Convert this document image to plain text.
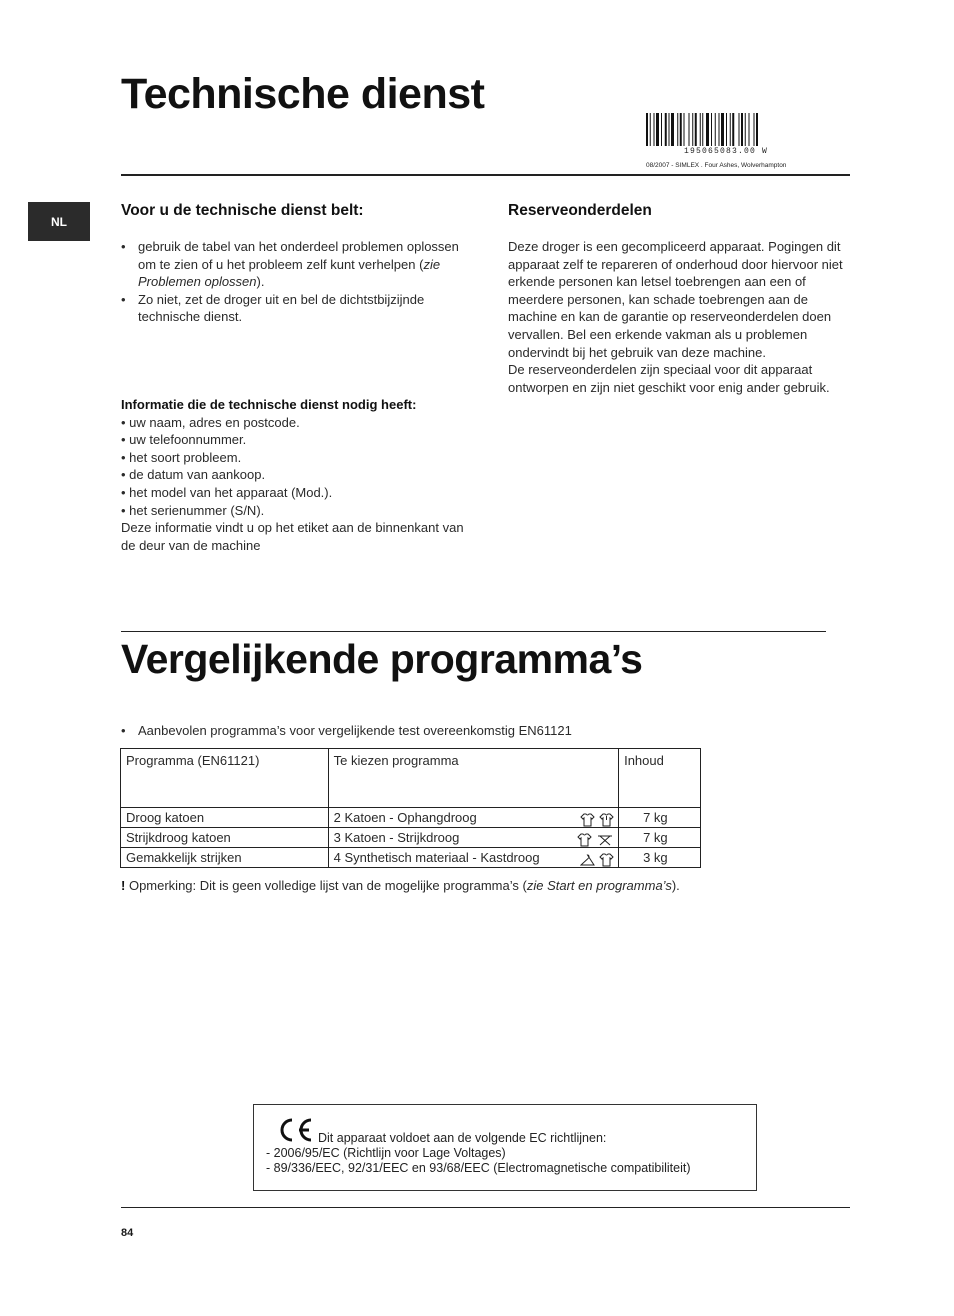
Technische dienst
195065083.00 W
08/2007 - SIMLEX . Four Ashes, Wolverhampton
NL
Voor u de technische dienst belt:
• gebruik de tabel van het onderdeel problemen oplossen om te zien of u het probleem zelf kunt verhelpen (zie Problemen oplossen).
• Zo niet, zet de droger uit en bel de dichtstbijzijnde technische dienst.
Informatie die de technische dienst nodig heeft:
• uw naam, adres en postcode.
• uw telefoonnummer.
• het soort probleem.
• de datum van aankoop.
• het model van het apparaat (Mod.).
• het serienummer (S/N).
Deze informatie vindt u op het etiket aan de binnenkant van de deur van de machine
Reserveonderdelen
Deze droger is een gecompliceerd apparaat. Pogingen dit apparaat zelf te repareren of onderhoud door hiervoor niet erkende personen kan letsel toebrengen aan een of meerdere personen, kan schade toebrengen aan de machine en kan de garantie op reserveonderdelen doen vervallen. Bel een erkende vakman als u problemen ondervindt bij het gebruik van deze machine.
De reserveonderdelen zijn speciaal voor dit apparaat ontworpen en zijn niet geschikt voor enig ander gebruik.
Vergelijkende programma’s
• Aanbevolen programma’s voor vergelijkende test overeenkomstig EN61121
Programma (EN61121)	Te kiezen programma	Inhoud
Droog katoen	2 Katoen - Ophangdroog	7 kg
Strijkdroog katoen	3 Katoen - Strijkdroog	7 kg
Gemakkelijk strijken	4 Synthetisch materiaal - Kastdroog	3 kg
! Opmerking: Dit is geen volledige lijst van de mogelijke programma’s (zie Start en programma’s).
Dit apparaat voldoet aan de volgende EC richtlijnen:
- 2006/95/EC (Richtlijn voor Lage Voltages)
- 89/336/EEC, 92/31/EEC en 93/68/EEC (Electromagnetische compatibiliteit)
84
